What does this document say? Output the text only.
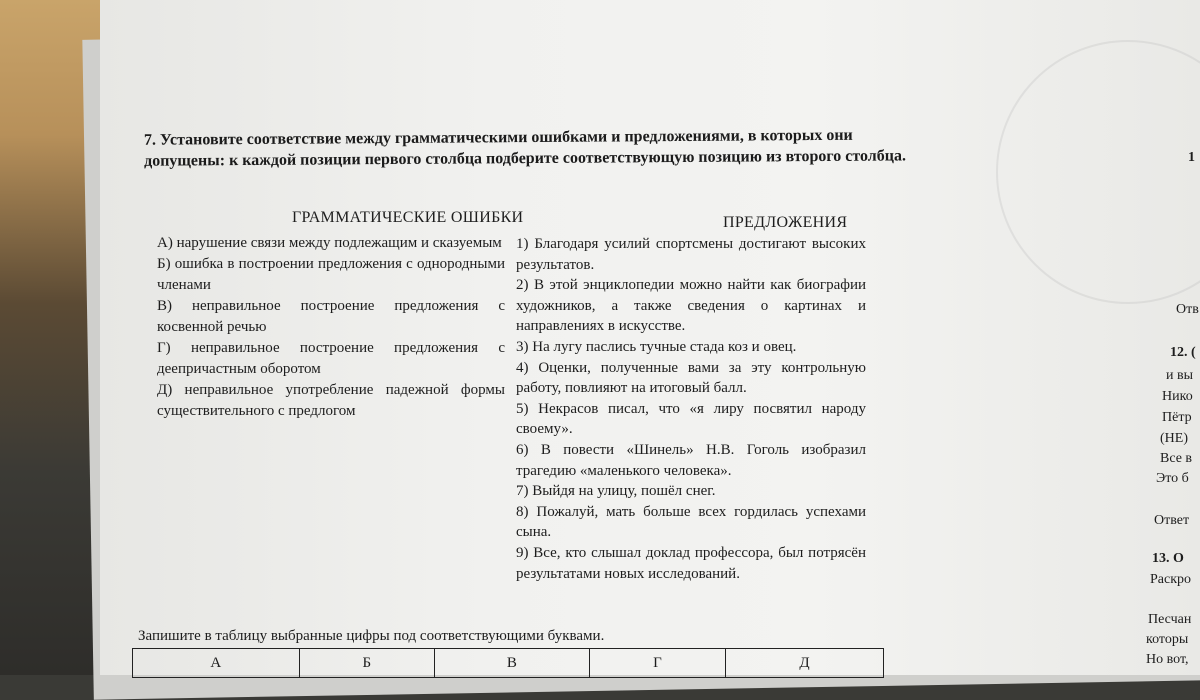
7. Установите соответствие между грамматическими ошибками и предложениями, в которых они допущены: к каждой позиции первого столбца подберите соответствующую позицию из второго столбца.
ГРАММАТИЧЕСКИЕ ОШИБКИ	ПРЕДЛОЖЕНИЯ

А) нарушение связи между подлежащим и сказуемым

Б) ошибка в построении предложения с однородными членами

В) неправильное построение предложения с косвенной речью

Г) неправильное построение предложения с деепричастным оборотом

Д) неправильное употребление падежной формы существительного с предлогом

1) Благодаря усилий спортсмены достигают высоких результатов.

2) В этой энциклопедии можно найти как биографии художников, а также сведения о картинах и направлениях в искусстве.

3) На лугу паслись тучные стада коз и овец.

4) Оценки, полученные вами за эту контрольную работу, повлияют на итоговый балл.

5) Некрасов писал, что «я лиру посвятил народу своему».

6) В повести «Шинель» Н.В. Гоголь изобразил трагедию «маленького человека».

7) Выйдя на улицу, пошёл снег.

8) Пожалуй, мать больше всех гордилась успехами сына.

9) Все, кто слышал доклад профессора, был потрясён результатами новых исследований.

Запишите в таблицу выбранные цифры под соответствующими буквами.
А	Б	В	Г	Д
1
Отв
12. (
и вы
Нико
Пётр
(НЕ)
Все в
Это б
Ответ
13. О
Раскро
Песчан
которы
Но вот,
